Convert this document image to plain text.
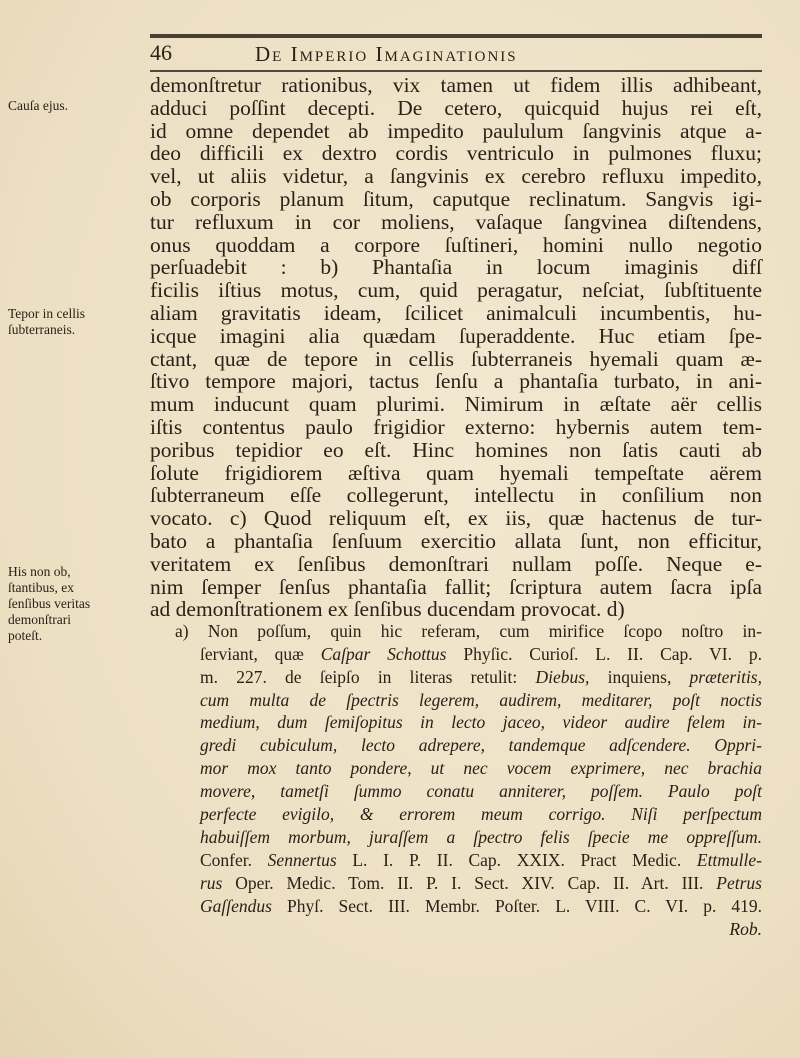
46	De Imperio Imaginationis
Cauſa ejus.
Tepor in cellis
ſubterraneis.
His non ob,
ſtantibus, ex
ſenſibus veritas
demonſtrari
poteſt.
demonſtretur rationibus, vix tamen ut fidem illis adhibeant,
adduci poſſint decepti. De cetero, quicquid hujus rei eſt,
id omne dependet ab impedito paululum ſangvinis atque a-
deo difficili ex dextro cordis ventriculo in pulmones fluxu;
vel, ut aliis videtur, a ſangvinis ex cerebro refluxu impedito,
ob corporis planum ſitum, caputque reclinatum. Sangvis igi-
tur refluxum in cor moliens, vaſaque ſangvinea diſtendens,
onus quoddam a corpore ſuſtineri, homini nullo negotio
perſuadebit : b) Phantaſia in locum imaginis difſ
ficilis iſtius motus, cum, quid peragatur, neſciat, ſubſtituente
aliam gravitatis ideam, ſcilicet animalculi incumbentis, hu-
icque imagini alia quædam ſuperaddente. Huc etiam ſpe-
ctant, quæ de tepore in cellis ſubterraneis hyemali quam æ-
ſtivo tempore majori, tactus ſenſu a phantaſia turbato, in ani-
mum inducunt quam plurimi. Nimirum in æſtate aër cellis
iſtis contentus paulo frigidior externo: hybernis autem tem-
poribus tepidior eo eſt. Hinc homines non ſatis cauti ab
ſolute frigidiorem æſtiva quam hyemali tempeſtate aërem
ſubterraneum eſſe collegerunt, intellectu in conſilium non
vocato. c) Quod reliquum eſt, ex iis, quæ hactenus de tur-
bato a phantaſia ſenſuum exercitio allata ſunt, non efficitur,
veritatem ex ſenſibus demonſtrari nullam poſſe. Neque e-
nim ſemper ſenſus phantaſia fallit; ſcriptura autem ſacra ipſa
ad demonſtrationem ex ſenſibus ducendam provocat. d)
a) Non poſſum, quin hic referam, cum mirifice ſcopo noſtro in-
ſerviant, quæ Caſpar Schottus Phyſic. Curioſ. L. II. Cap. VI. p.
m. 227. de ſeipſo in literas retulit: Diebus, inquiens, præteritis,
cum multa de ſpectris legerem, audirem, meditarer, poſt noctis
medium, dum ſemiſopitus in lecto jaceo, videor audire felem in-
gredi cubiculum, lecto adrepere, tandemque adſcendere. Oppri-
mor mox tanto pondere, ut nec vocem exprimere, nec brachia
movere, tametſi ſummo conatu anniterer, poſſem. Paulo poſt
perfecte evigilo, & errorem meum corrigo. Niſi perſpectum
habuiſſem morbum, juraſſem a ſpectro felis ſpecie me oppreſſum.
Confer. Sennertus L. I. P. II. Cap. XXIX. Pract Medic. Ettmulle-
rus Oper. Medic. Tom. II. P. I. Sect. XIV. Cap. II. Art. III. Petrus
Gaſſendus Phyſ. Sect. III. Membr. Poſter. L. VIII. C. VI. p. 419.
Rob.
